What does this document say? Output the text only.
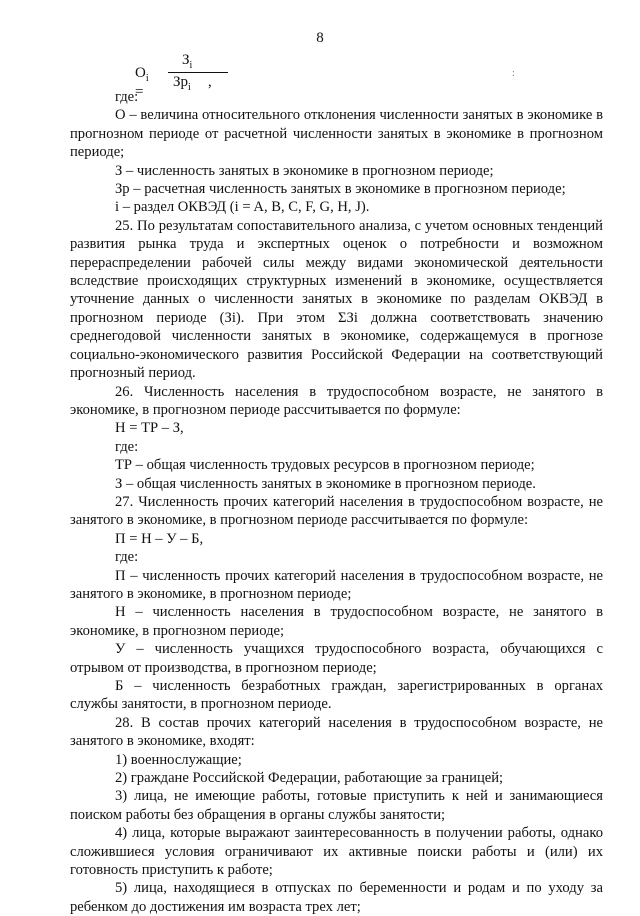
8
$O_i$ =
$З_i$
$Зр_i$ ,
:

где:

О – величина относительного отклонения численности занятых в экономике в прогнозном периоде от расчетной численности занятых в экономике в прогнозном периоде;

З – численность занятых в экономике в прогнозном периоде;

Зр – расчетная численность занятых в экономике в прогнозном периоде;

i – раздел ОКВЭД (i = A, B, C, F, G, H, J).

25. По результатам сопоставительного анализа, с учетом основных тенденций развития рынка труда и экспертных оценок о потребности и возможном перераспределении рабочей силы между видами экономической деятельности вследствие происходящих структурных изменений в экономике, осуществляется уточнение данных о численности занятых в экономике по разделам ОКВЭД в прогнозном периоде (Зi). При этом ΣЗi должна соответствовать значению среднегодовой численности занятых в экономике, содержащемуся в прогнозе социально-экономического развития Российской Федерации на соответствующий прогнозный период.

26. Численность населения в трудоспособном возрасте, не занятого в экономике, в прогнозном периоде рассчитывается по формуле:

Н = ТР – З,

где:

ТР – общая численность трудовых ресурсов в прогнозном периоде;

З – общая численность занятых в экономике в прогнозном периоде.

27. Численность прочих категорий населения в трудоспособном возрасте, не занятого в экономике, в прогнозном периоде рассчитывается по формуле:

П = Н – У – Б,

где:

П – численность прочих категорий населения в трудоспособном возрасте, не занятого в экономике, в прогнозном периоде;

Н – численность населения в трудоспособном возрасте, не занятого в экономике, в прогнозном периоде;

У – численность учащихся трудоспособного возраста, обучающихся с отрывом от производства, в прогнозном периоде;

Б – численность безработных граждан, зарегистрированных в органах службы занятости, в прогнозном периоде.

28. В состав прочих категорий населения в трудоспособном возрасте, не занятого в экономике, входят:

1) военнослужащие;

2) граждане Российской Федерации, работающие за границей;

3) лица, не имеющие работы, готовые приступить к ней и занимающиеся поиском работы без обращения в органы службы занятости;

4) лица, которые выражают заинтересованность в получении работы, однако сложившиеся условия ограничивают их активные поиски работы и (или) их готовность приступить к работе;

5) лица, находящиеся в отпусках по беременности и родам и по уходу за ребенком до достижения им возраста трех лет;
